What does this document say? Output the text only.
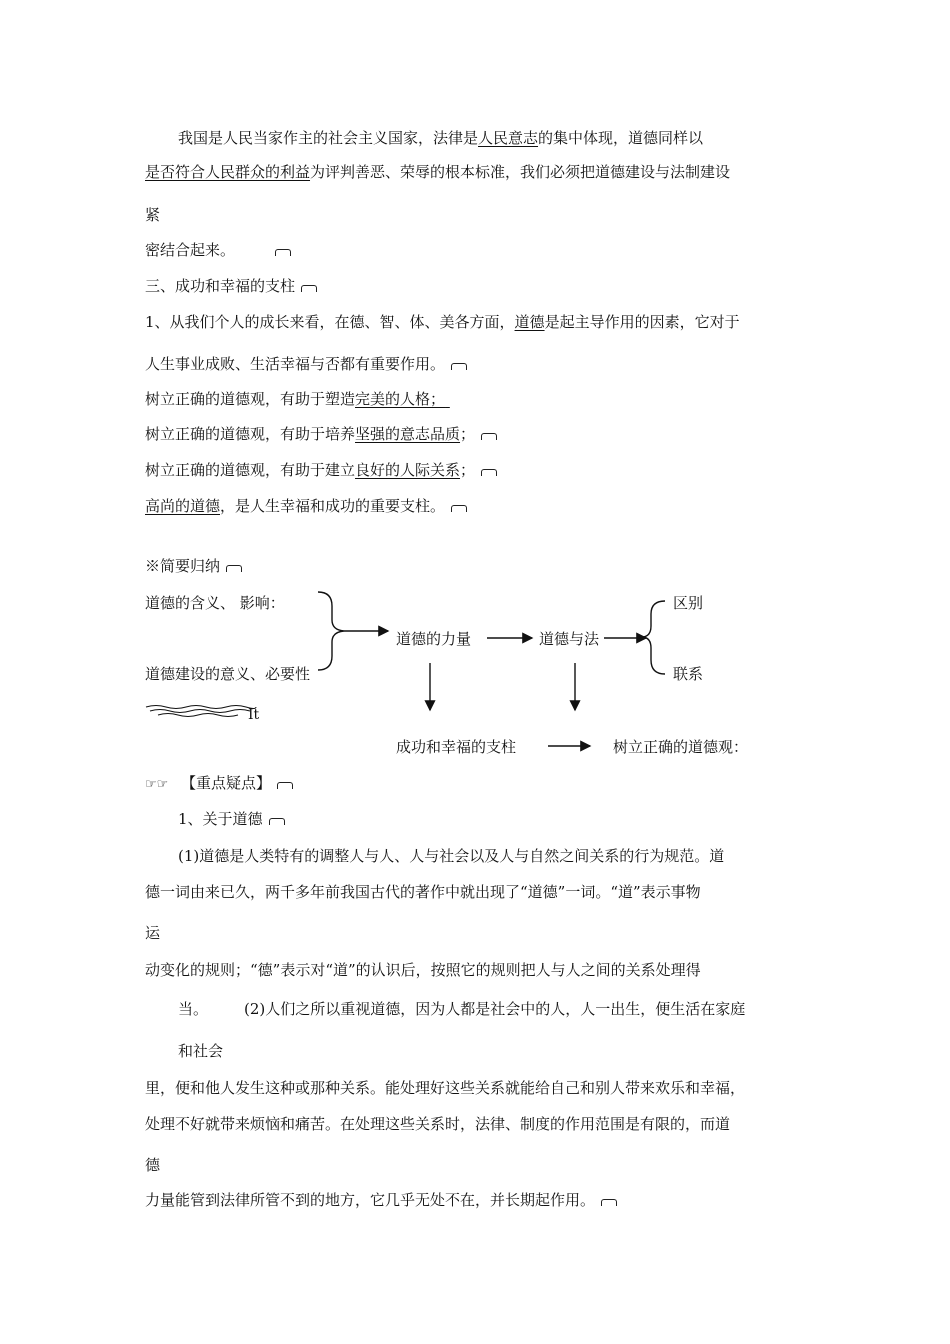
我国是人民当家作主的社会主义国家，法律是人民意志的集中体现，道德同样以
是否符合人民群众的利益为评判善恶、荣辱的根本标准，我们必须把道德建设与法制建设
紧
密结合起来。
三、成功和幸福的支柱
1、从我们个人的成长来看，在德、智、体、美各方面，道德是起主导作用的因素，它对于
人生事业成败、生活幸福与否都有重要作用。
树立正确的道德观，有助于塑造完美的人格；
树立正确的道德观，有助于培养坚强的意志品质；
树立正确的道德观，有助于建立良好的人际关系；
高尚的道德，是人生幸福和成功的重要支柱。
※简要归纳
道德的含义、 影响：
道德建设的意义、必要性
道德的力量	道德与法
区别
联系
It
成功和幸福的支柱	树立正确的道德观：
☞☞ 【重点疑点】
1、关于道德
(1)道德是人类特有的调整人与人、人与社会以及人与自然之间关系的行为规范。道
德一词由来已久，两千多年前我国古代的著作中就出现了“道德”一词。“道”表示事物
运
动变化的规则；“德”表示对“道”的认识后，按照它的规则把人与人之间的关系处理得
当。 (2)人们之所以重视道德，因为人都是社会中的人，人一出生，便生活在家庭
和社会
里，便和他人发生这种或那种关系。能处理好这些关系就能给自己和别人带来欢乐和幸福，
处理不好就带来烦恼和痛苦。在处理这些关系时，法律、制度的作用范围是有限的，而道
德
力量能管到法律所管不到的地方，它几乎无处不在，并长期起作用。
